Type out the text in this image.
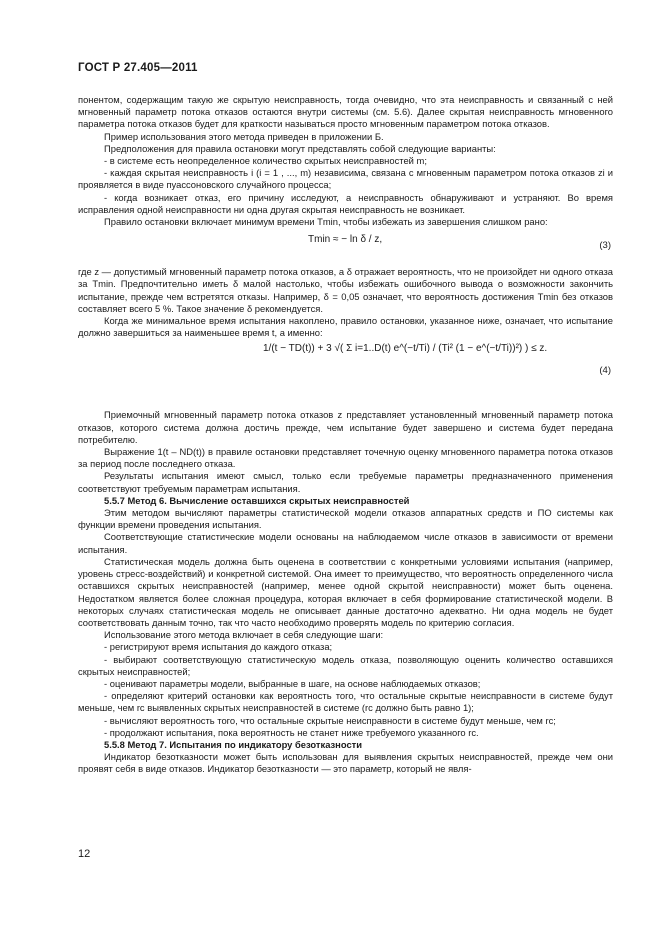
ГОСТ Р 27.405—2011

понентом, содержащим такую же скрытую неисправность, тогда очевидно, что эта неисправность и связанный с ней мгновенный параметр потока отказов остаются внутри системы (см. 5.6). Далее скрытая неисправность мгновенного параметра потока отказов будет для краткости называться просто мгновенным параметром потока отказов.

Пример использования этого метода приведен в приложении Б.

Предположения для правила остановки могут представлять собой следующие варианты:

- в системе есть неопределенное количество скрытых неисправностей m;

- каждая скрытая неисправность i (i = 1 , ..., m) независима, связана с мгновенным параметром потока отказов zi и проявляется в виде пуассоновского случайного процесса;

- когда возникает отказ, его причину исследуют, а неисправность обнаруживают и устраняют. Во время исправления одной неисправности ни одна другая скрытая неисправность не возникает.

Правило остановки включает минимум времени Tmin, чтобы избежать из завершения слишком рано:

Tmin ≈ − ln δ / z,
(3)

где z — допустимый мгновенный параметр потока отказов, а δ отражает вероятность, что не произойдет ни одного отказа за Tmin. Предпочтительно иметь δ малой настолько, чтобы избежать ошибочного вывода о возможности закончить испытание, прежде чем встретятся отказы. Например, δ = 0,05 означает, что вероятность достижения Tmin без отказов составляет всего 5 %. Такое значение δ рекомендуется.

Когда же минимальное время испытания накоплено, правило остановки, указанное ниже, означает, что испытание должно завершиться за наименьшее время t, а именно:

1/(t − TD(t)) + 3 √( Σ i=1..D(t) e^(−t/Ti) / (Ti² (1 − e^(−t/Ti))²) ) ≤ z.
(4)

Приемочный мгновенный параметр потока отказов z представляет установленный мгновенный параметр потока отказов, которого система должна достичь прежде, чем испытание будет завершено и система будет передана потребителю.

Выражение 1(t – ND(t)) в правиле остановки представляет точечную оценку мгновенного параметра потока отказов за период после последнего отказа.

Результаты испытания имеют смысл, только если требуемые параметры предназначенного применения соответствуют требуемым параметрам испытания.

5.5.7 Метод 6. Вычисление оставшихся скрытых неисправностей

Этим методом вычисляют параметры статистической модели отказов аппаратных средств и ПО системы как функции времени проведения испытания.

Соответствующие статистические модели основаны на наблюдаемом числе отказов в зависимости от времени испытания.

Статистическая модель должна быть оценена в соответствии с конкретными условиями испытания (например, уровень стресс-воздействий) и конкретной системой. Она имеет то преимущество, что вероятность определенного числа оставшихся скрытых неисправностей (например, менее одной скрытой неисправности) может быть оценена. Недостатком является более сложная процедура, которая включает в себя формирование статистической модели. В некоторых случаях статистическая модель не описывает данные достаточно адекватно. Ни одна модель не будет соответствовать данным точно, так что часто необходимо проверять модель по критерию согласия.

Использование этого метода включает в себя следующие шаги:

- регистрируют время испытания до каждого отказа;

- выбирают соответствующую статистическую модель отказа, позволяющую оценить количество оставшихся скрытых неисправностей;

- оценивают параметры модели, выбранные в шаге, на основе наблюдаемых отказов;

- определяют критерий остановки как вероятность того, что остальные скрытые неисправности в системе будут меньше, чем rc выявленных скрытых неисправностей в системе (rc должно быть равно 1);

- вычисляют вероятность того, что остальные скрытые неисправности в системе будут меньше, чем rc;

- продолжают испытания, пока вероятность не станет ниже требуемого указанного rc.

5.5.8 Метод 7. Испытания по индикатору безотказности

Индикатор безотказности может быть использован для выявления скрытых неисправностей, прежде чем они проявят себя в виде отказов. Индикатор безотказности — это параметр, который не явля-

12
